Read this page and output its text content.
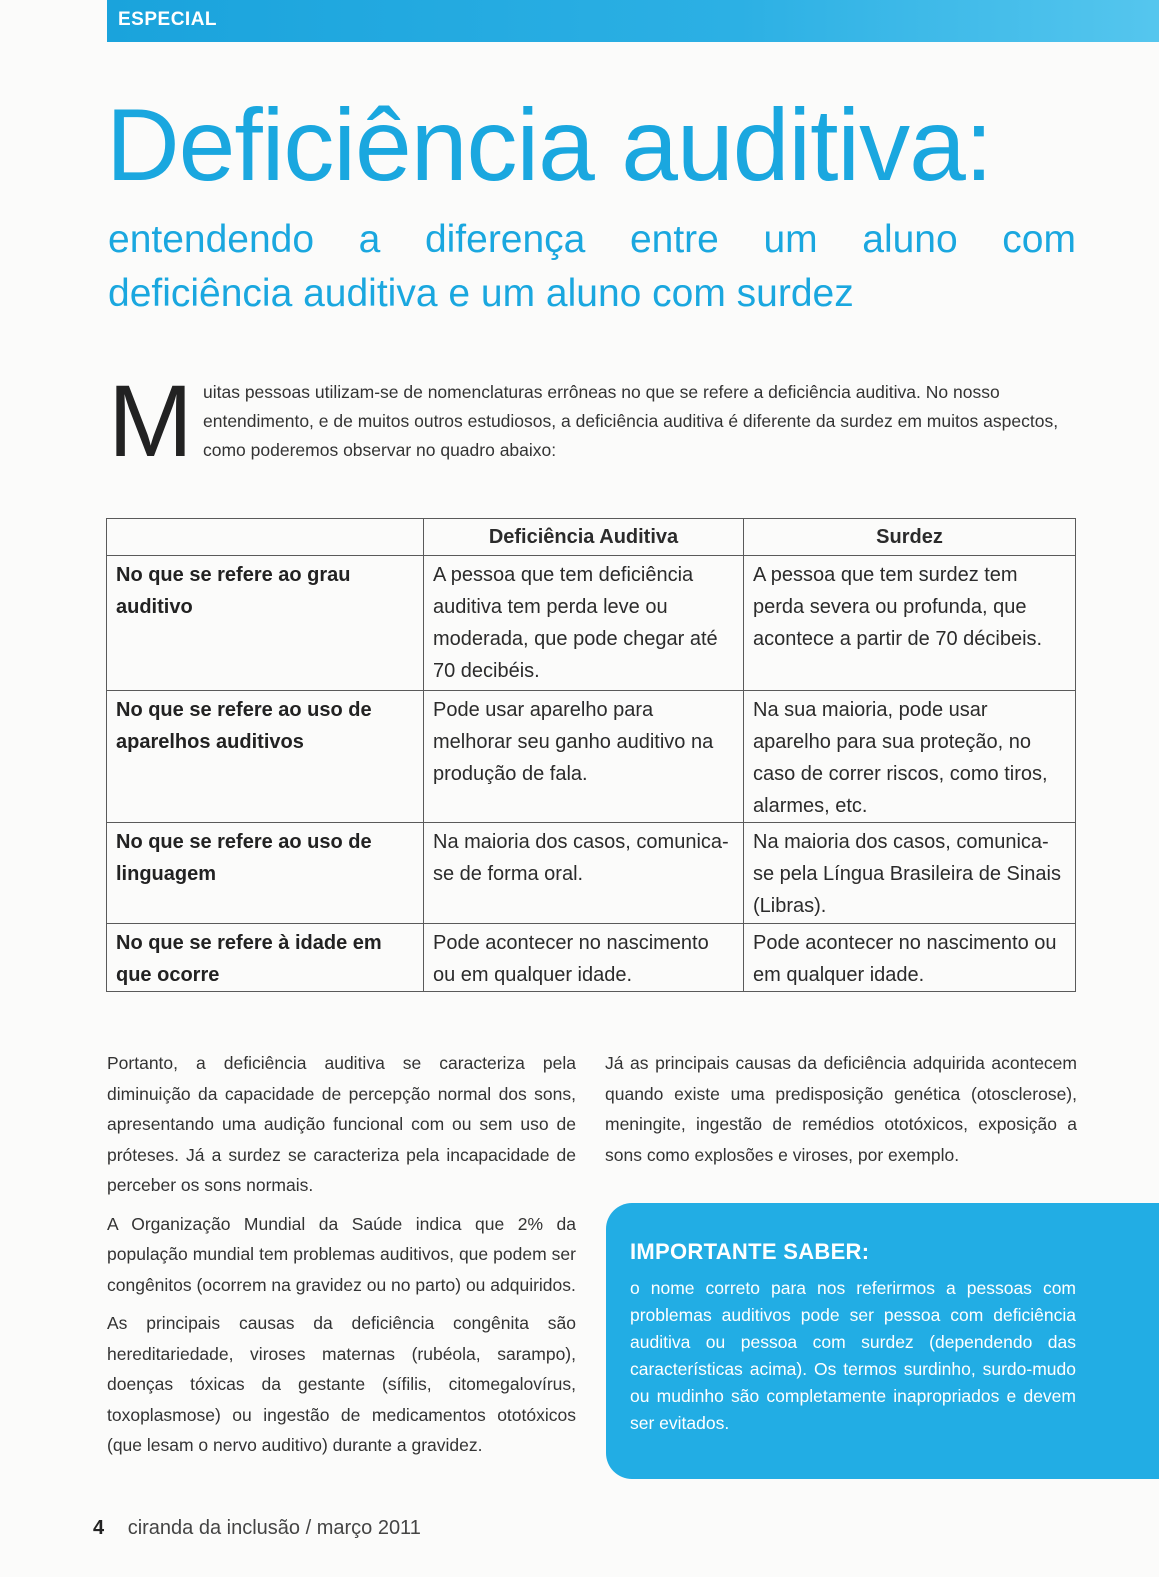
ESPECIAL
Deficiência auditiva:
entendendo a diferença entre um aluno com
deficiência auditiva e um aluno com surdez
M uitas pessoas utilizam-se de nomenclaturas errôneas no que se refere a deficiência auditiva. No nosso entendimento, e de muitos outros estudiosos, a deficiência auditiva é diferente da surdez em muitos aspectos, como poderemos observar no quadro abaixo:
	Deficiência Auditiva	Surdez
No que se refere ao grau auditivo	A pessoa que tem deficiência auditiva tem perda leve ou moderada, que pode chegar até 70 decibéis.	A pessoa que tem surdez tem perda severa ou profunda, que acontece a partir de 70 décibeis.
No que se refere ao uso de aparelhos auditivos	Pode usar aparelho para melhorar seu ganho auditivo na produção de fala.	Na sua maioria, pode usar aparelho para sua proteção, no caso de correr riscos, como tiros, alarmes, etc.
No que se refere ao uso de linguagem	Na maioria dos casos, comunica-se de forma oral.	Na maioria dos casos, comunica-se pela Língua Brasileira de Sinais (Libras).
No que se refere à idade em que ocorre	Pode acontecer no nascimento ou em qualquer idade.	Pode acontecer no nascimento ou em qualquer idade.

Portanto, a deficiência auditiva se caracteriza pela diminuição da capacidade de percepção normal dos sons, apresentando uma audição funcional com ou sem uso de próteses. Já a surdez se caracteriza pela incapacidade de perceber os sons normais.

A Organização Mundial da Saúde indica que 2% da população mundial tem problemas auditivos, que podem ser congênitos (ocorrem na gravidez ou no parto) ou adquiridos.

As principais causas da deficiência congênita são hereditariedade, viroses maternas (rubéola, sarampo), doenças tóxicas da gestante (sífilis, citomegalovírus, toxoplasmose) ou ingestão de medicamentos ototóxicos (que lesam o nervo auditivo) durante a gravidez.

Já as principais causas da deficiência adquirida acontecem quando existe uma predisposição genética (otosclerose), meningite, ingestão de remédios ototóxicos, exposição a sons como explosões e viroses, por exemplo.

IMPORTANTE SABER:
o nome correto para nos referirmos a pessoas com problemas auditivos pode ser pessoa com deficiência auditiva ou pessoa com surdez (dependendo das características acima). Os termos surdinho, surdo-mudo ou mudinho são completamente inapropriados e devem ser evitados.
4 ciranda da inclusão / março 2011
